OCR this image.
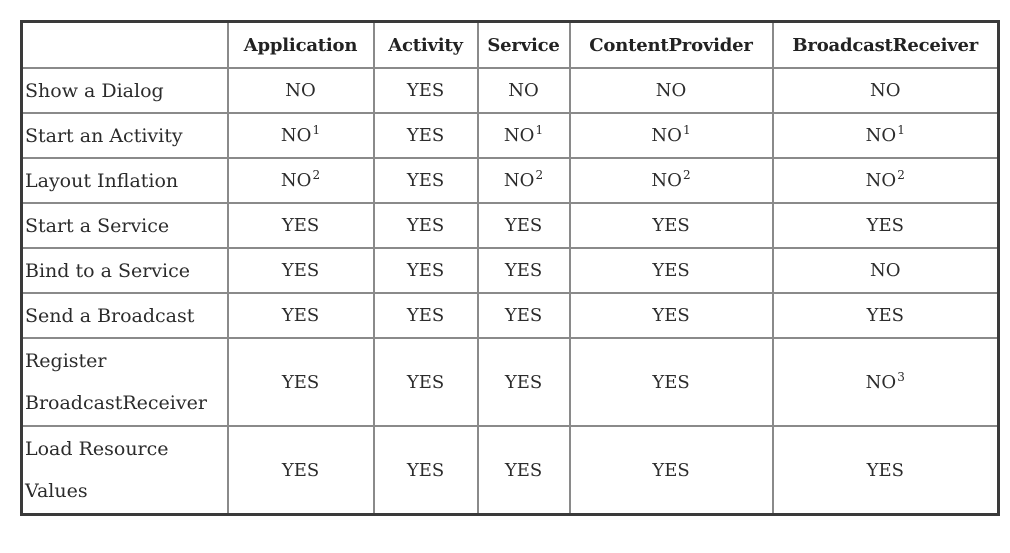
	Application	Activity	Service	ContentProvider	BroadcastReceiver
Show a Dialog	NO	YES	NO	NO	NO
Start an Activity	$NO^1$	YES	$NO^1$	$NO^1$	$NO^1$
Layout Inflation	$NO^2$	YES	$NO^2$	$NO^2$	$NO^2$
Start a Service	YES	YES	YES	YES	YES
Bind to a Service	YES	YES	YES	YES	NO
Send a Broadcast	YES	YES	YES	YES	YES
Register BroadcastReceiver	YES	YES	YES	YES	$NO^3$
Load Resource Values	YES	YES	YES	YES	YES
